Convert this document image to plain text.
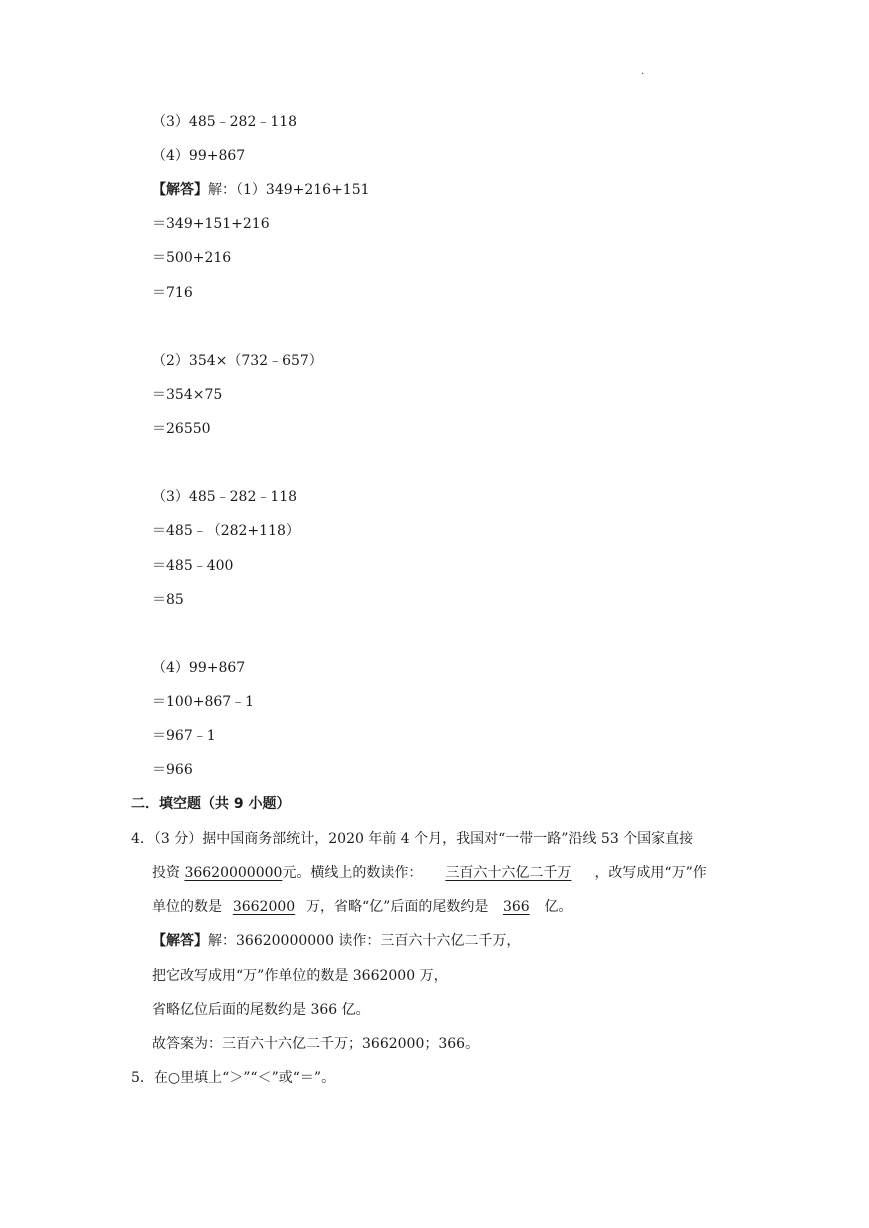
.
（3）485﹣282﹣118
（4）99+867
【解答】解：（1）349+216+151
＝349+151+216
＝500+216
＝716
（2）354×（732﹣657）
＝354×75
＝26550
（3）485﹣282﹣118
＝485﹣（282+118）
＝485﹣400
＝85
（4）99+867
＝100+867﹣1
＝967﹣1
＝966
二．填空题（共 9 小题）
4．（3 分）据中国商务部统计，2020 年前 4 个月，我国对“一带一路”沿线 53 个国家直接
投资 36620000000元。横线上的数读作： 三百六十六亿二千万 ，改写成用“万”作
单位的数是 3662000 万，省略“亿”后面的尾数约是 366 亿。
【解答】解：36620000000 读作：三百六十六亿二千万，
把它改写成用“万”作单位的数是 3662000 万，
省略亿位后面的尾数约是 366 亿。
故答案为：三百六十六亿二千万；3662000；366。
5．在○里填上“＞”“＜”或“＝”。
